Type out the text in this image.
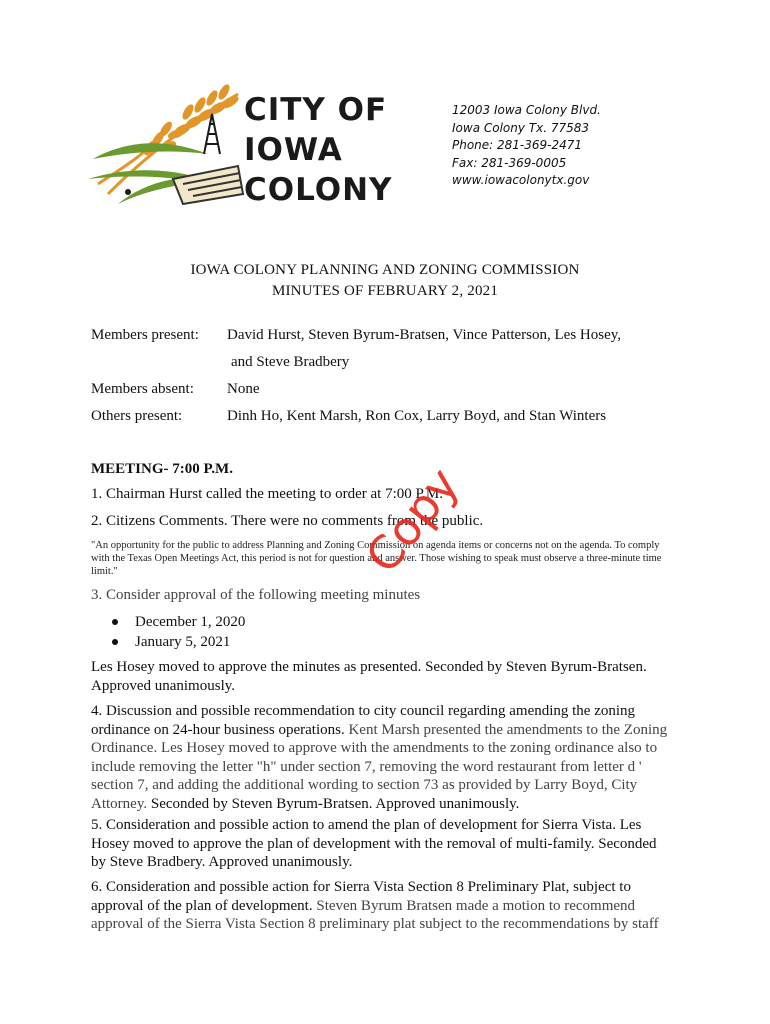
CITY OF
IOWA
COLONY
12003 Iowa Colony Blvd.
Iowa Colony Tx. 77583
Phone: 281-369-2471
Fax: 281-369-0005
www.iowacolonytx.gov
IOWA COLONY PLANNING AND ZONING COMMISSION
MINUTES OF FEBRUARY 2, 2021
Members present: David Hurst, Steven Byrum-Bratsen, Vince Patterson, Les Hosey,
and Steve Bradbery
Members absent: None
Others present:	Dinh Ho, Kent Marsh, Ron Cox, Larry Boyd, and Stan Winters
MEETING- 7:00 P.M.
1. Chairman Hurst called the meeting to order at 7:00 P.M.
2. Citizens Comments. There were no comments from the public.
"An opportunity for the public to address Planning and Zoning Commission on agenda items or concerns not on the agenda. To comply with the Texas Open Meetings Act, this period is not for question and answer. Those wishing to speak must observe a three-minute time limit."
3. Consider approval of the following meeting minutes
December 1, 2020
January 5, 2021
Les Hosey moved to approve the minutes as presented. Seconded by Steven Byrum-Bratsen. Approved unanimously.
4. Discussion and possible recommendation to city council regarding amending the zoning ordinance on 24-hour business operations. Kent Marsh presented the amendments to the Zoning Ordinance. Les Hosey moved to approve with the amendments to the zoning ordinance also to include removing the letter "h" under section 7, removing the word restaurant from letter d ' section 7, and adding the additional wording to section 73 as provided by Larry Boyd, City Attorney. Seconded by Steven Byrum-Bratsen. Approved unanimously.
5. Consideration and possible action to amend the plan of development for Sierra Vista. Les Hosey moved to approve the plan of development with the removal of multi-family. Seconded by Steve Bradbery. Approved unanimously.
6. Consideration and possible action for Sierra Vista Section 8 Preliminary Plat, subject to approval of the plan of development. Steven Byrum Bratsen made a motion to recommend approval of the Sierra Vista Section 8 preliminary plat subject to the recommendations by staff
Copy
